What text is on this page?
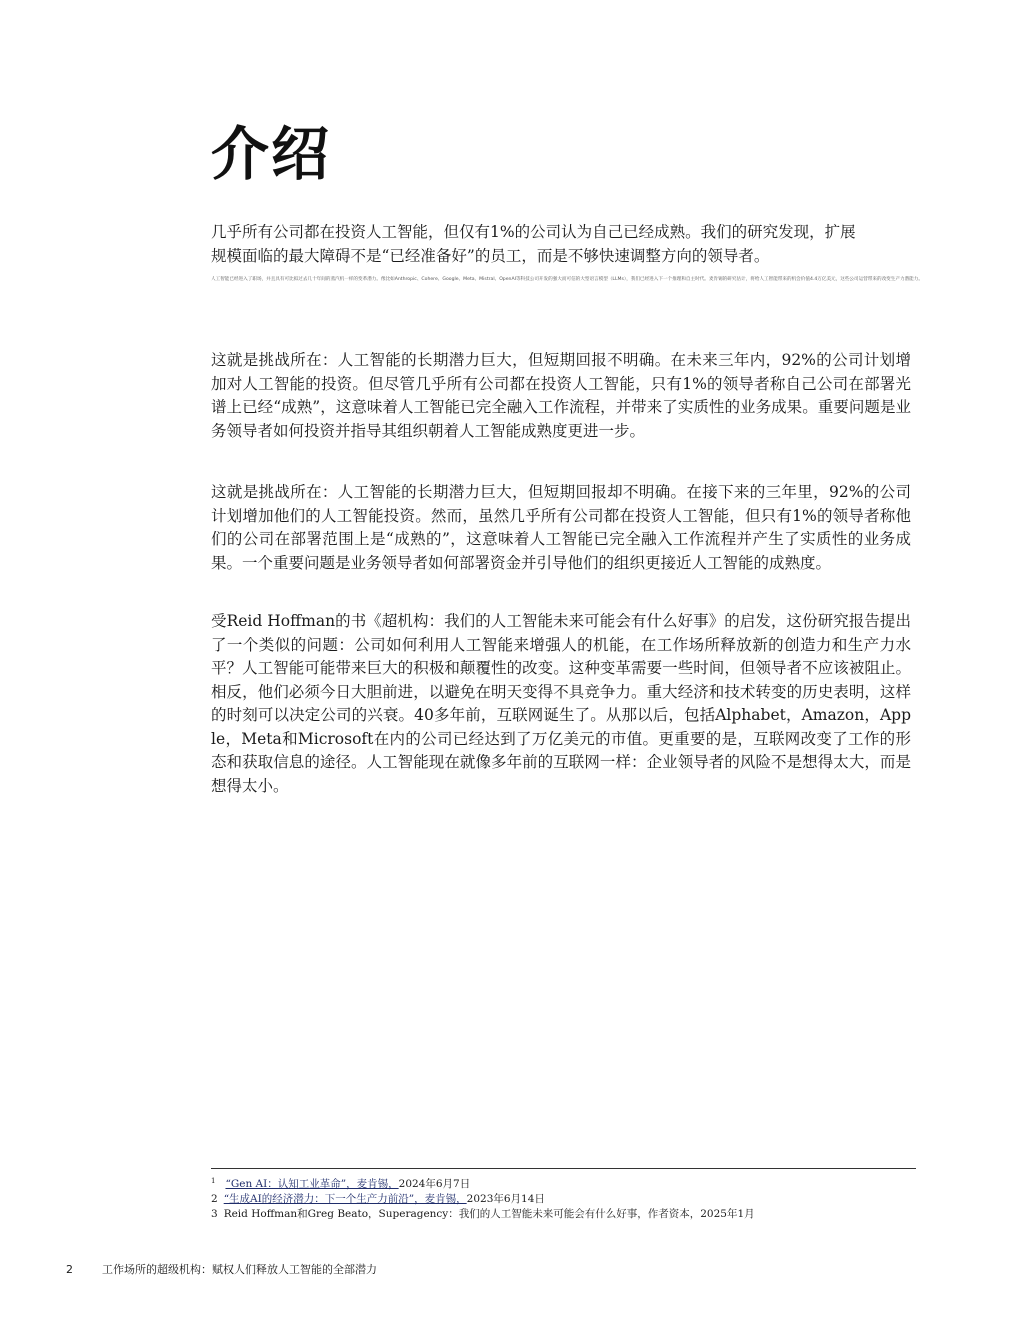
介绍

几乎所有公司都在投资人工智能，但仅有1%的公司认为自己已经成熟。我们的研究发现，扩展规模面临的最大障碍不是“已经准备好”的员工，而是不够快速调整方向的领导者。

人工智能已经进入了职场，并且具有可比拟过去几十年间的蒸汽机一样的变革潜力。像比如Anthropic、Cohere、Google、Meta、Mistral、OpenAI等科技公司开发的强大而可信的大型语言模型（LLMs），我们已经进入下一个推理和自主时代。麦肯锡的研究估计，将给人工智能带来的机会价值4.4万亿美元，这些公司运营带来的改变生产力潜能力。

这就是挑战所在：人工智能的长期潜力巨大，但短期回报不明确。在未来三年内，92%的公司计划增加对人工智能的投资。但尽管几乎所有公司都在投资人工智能，只有1%的领导者称自己公司在部署光谱上已经“成熟”，这意味着人工智能已完全融入工作流程，并带来了实质性的业务成果。重要问题是业务领导者如何投资并指导其组织朝着人工智能成熟度更进一步。

这就是挑战所在：人工智能的长期潜力巨大，但短期回报却不明确。在接下来的三年里，92%的公司计划增加他们的人工智能投资。然而，虽然几乎所有公司都在投资人工智能，但只有1%的领导者称他们的公司在部署范围上是“成熟的”，这意味着人工智能已完全融入工作流程并产生了实质性的业务成果。一个重要问题是业务领导者如何部署资金并引导他们的组织更接近人工智能的成熟度。

受Reid Hoffman的书《超机构：我们的人工智能未来可能会有什么好事》的启发，这份研究报告提出了一个类似的问题：公司如何利用人工智能来增强人的机能，在工作场所释放新的创造力和生产力水平？人工智能可能带来巨大的积极和颠覆性的改变。这种变革需要一些时间，但领导者不应该被阻止。相反，他们必须今日大胆前进，以避免在明天变得不具竞争力。重大经济和技术转变的历史表明，这样的时刻可以决定公司的兴衰。40多年前，互联网诞生了。从那以后，包括Alphabet，Amazon，Apple，Meta和Microsoft在内的公司已经达到了万亿美元的市值。更重要的是，互联网改变了工作的形态和获取信息的途径。人工智能现在就像多年前的互联网一样：企业领导者的风险不是想得太大，而是想得太小。

1 “Gen AI：认知工业革命”，麦肯锡，2024年6月7日
2 “生成AI的经济潜力：下一个生产力前沿”，麦肯锡，2023年6月14日
3 Reid Hoffman和Greg Beato，Superagency：我们的人工智能未来可能会有什么好事，作者资本，2025年1月
2	工作场所的超级机构：赋权人们释放人工智能的全部潜力
